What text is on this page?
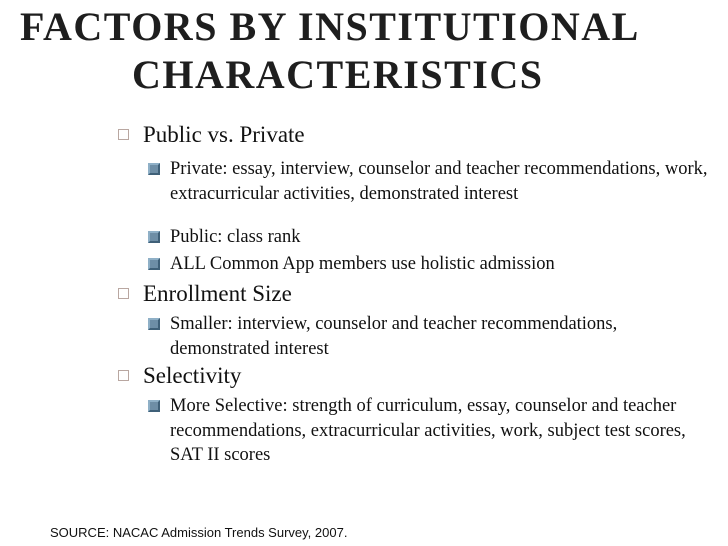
FACTORS BY INSTITUTIONAL
CHARACTERISTICS
Public vs. Private
Private: essay, interview, counselor and teacher recommendations, work, extracurricular activities, demonstrated interest
Public: class rank
ALL Common App members use holistic admission
Enrollment Size
Smaller: interview, counselor and teacher recommendations, demonstrated interest
Selectivity
More Selective: strength of curriculum, essay, counselor and teacher recommendations, extracurricular activities, work, subject test scores, SAT II scores
SOURCE: NACAC Admission Trends Survey, 2007.
